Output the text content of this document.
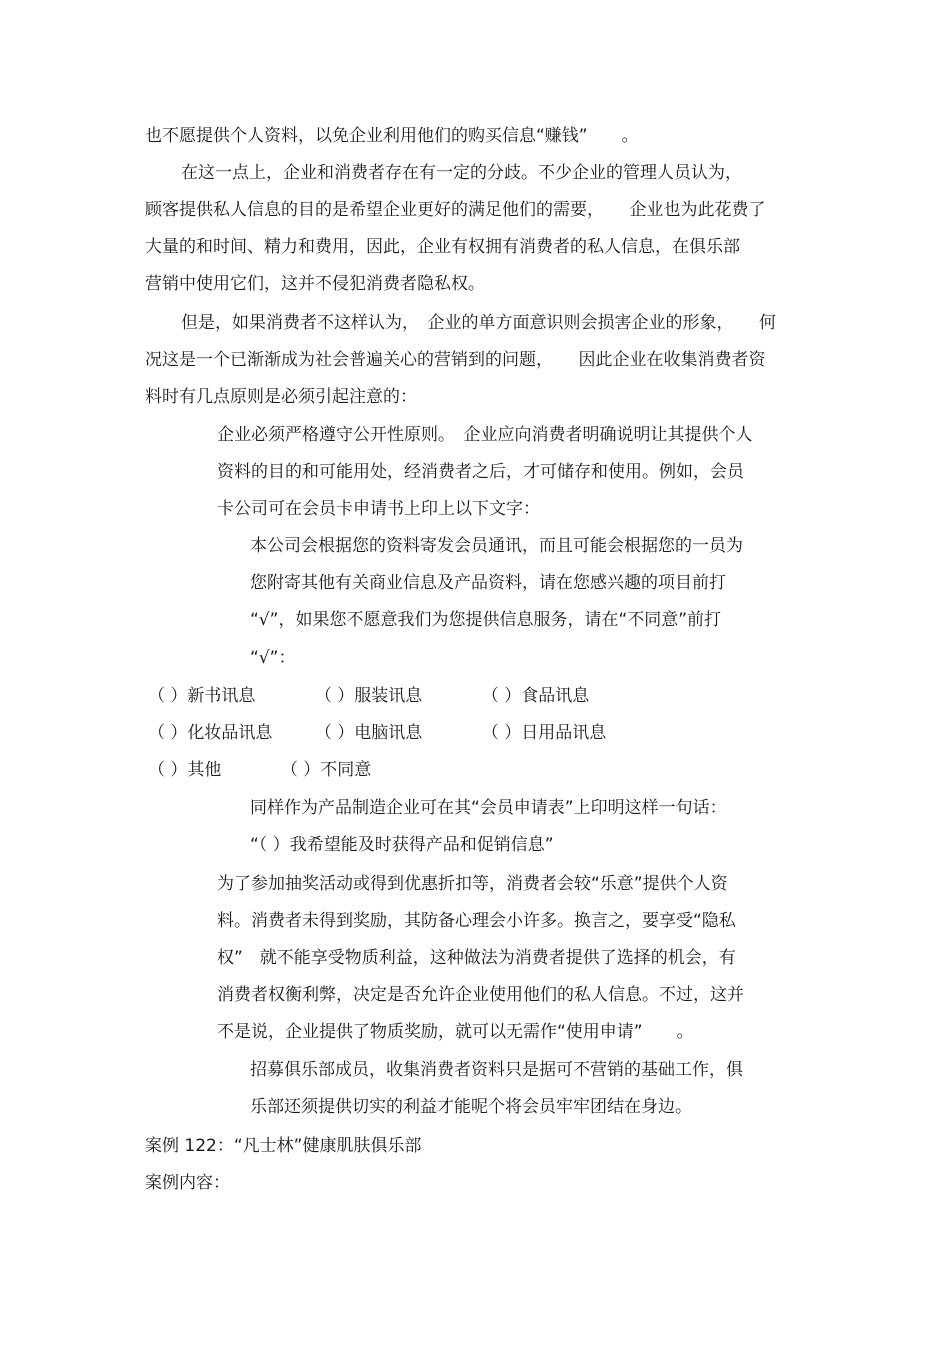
也不愿提供个人资料，以免企业利用他们的购买信息“赚钱”　　。

在这一点上，企业和消费者存在有一定的分歧。不少企业的管理人员认为，

顾客提供私人信息的目的是希望企业更好的满足他们的需要，　　企业也为此花费了

大量的和时间、精力和费用，因此，企业有权拥有消费者的私人信息，在俱乐部

营销中使用它们，这并不侵犯消费者隐私权。

但是，如果消费者不这样认为，　企业的单方面意识则会损害企业的形象，　　何

况这是一个已渐渐成为社会普遍关心的营销到的问题，　　因此企业在收集消费者资

料时有几点原则是必须引起注意的：

企业必须严格遵守公开性原则。　企业应向消费者明确说明让其提供个人

资料的目的和可能用处，经消费者之后，才可储存和使用。例如，会员

卡公司可在会员卡申请书上印上以下文字：

本公司会根据您的资料寄发会员通讯，而且可能会根据您的一员为

您附寄其他有关商业信息及产品资料，请在您感兴趣的项目前打

“√”，如果您不愿意我们为您提供信息服务，请在“不同意”前打

“√”：

（ ）新书讯息　　　　（ ）服装讯息　　　　（ ）食品讯息

（ ）化妆品讯息　　　（ ）电脑讯息　　　　（ ）日用品讯息

（ ）其他　　　　（ ）不同意

同样作为产品制造企业可在其“会员申请表”上印明这样一句话：

“（ ）我希望能及时获得产品和促销信息”

为了参加抽奖活动或得到优惠折扣等，消费者会较“乐意”提供个人资

料。消费者未得到奖励，其防备心理会小许多。换言之，要享受“隐私

权”　就不能享受物质利益，这种做法为消费者提供了选择的机会，有

消费者权衡利弊，决定是否允许企业使用他们的私人信息。不过，这并

不是说，企业提供了物质奖励，就可以无需作“使用申请”　　。

招募俱乐部成员，收集消费者资料只是据可不营销的基础工作，俱

乐部还须提供切实的利益才能呢个将会员牢牢团结在身边。

案例 122：“凡士林”健康肌肤俱乐部

案例内容：
